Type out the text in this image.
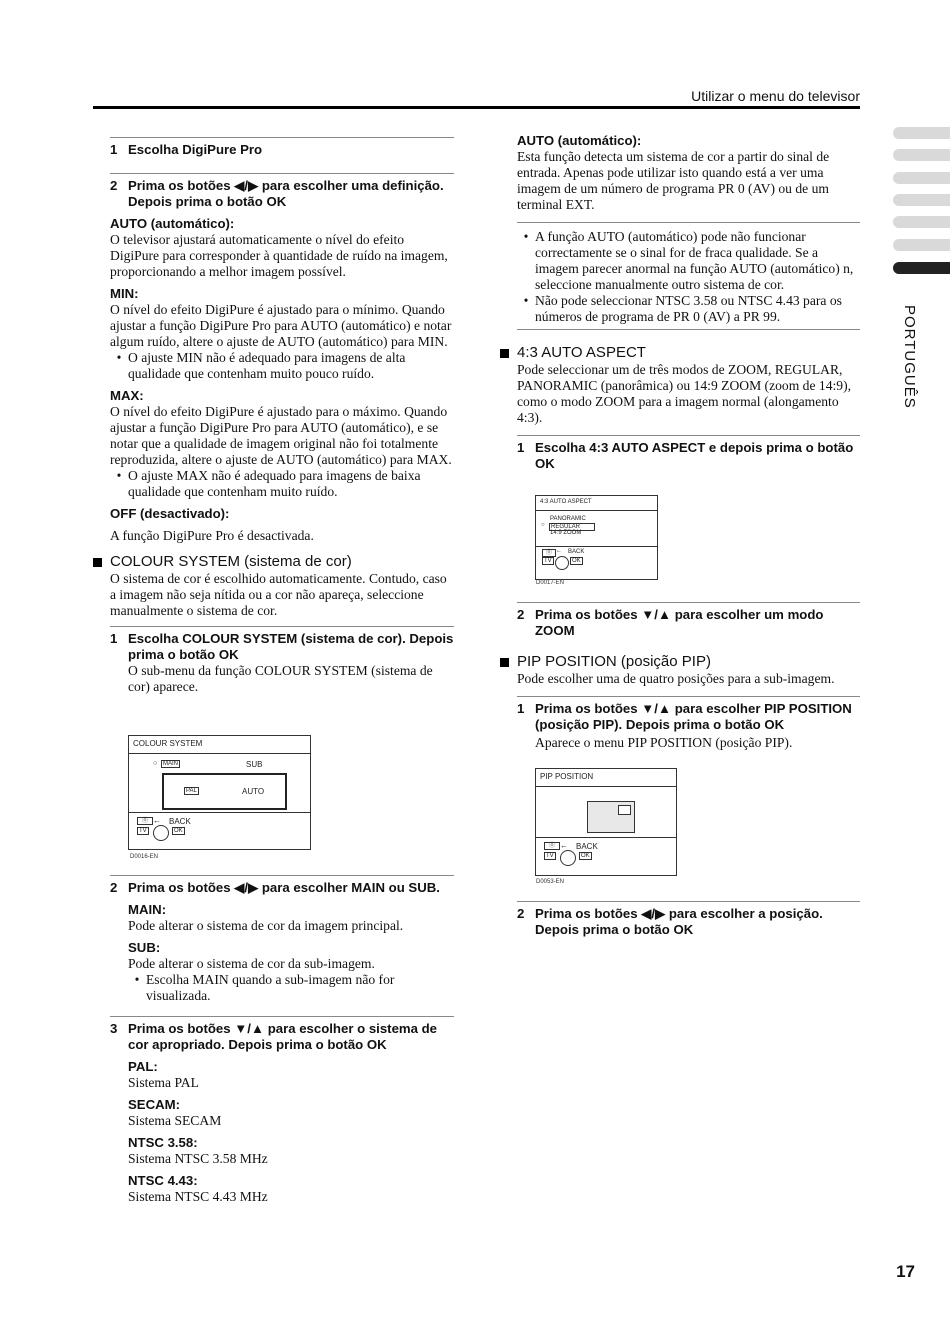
Utilizar o menu do televisor
PORTUGUÊS
1 Escolha DigiPure Pro
2 Prima os botões ◀/▶ para escolher uma definição. Depois prima o botão OK
AUTO (automático):
O televisor ajustará automaticamente o nível do efeito DigiPure para corresponder à quantidade de ruído na imagem, proporcionando a melhor imagem possível.
MIN:
O nível do efeito DigiPure é ajustado para o mínimo. Quando ajustar a função DigiPure Pro para AUTO (automático) e notar algum ruído, altere o ajuste de AUTO (automático) para MIN.
• O ajuste MIN não é adequado para imagens de alta qualidade que contenham muito pouco ruído.
MAX:
O nível do efeito DigiPure é ajustado para o máximo. Quando ajustar a função DigiPure Pro para AUTO (automático), e se notar que a qualidade de imagem original não foi totalmente reproduzida, altere o ajuste de AUTO (automático) para MAX.
• O ajuste MAX não é adequado para imagens de baixa qualidade que contenham muito ruído.
OFF (desactivado):
A função DigiPure Pro é desactivada.
COLOUR SYSTEM (sistema de cor)
O sistema de cor é escolhido automaticamente. Contudo, caso a imagem não seja nítida ou a cor não apareça, seleccione manualmente o sistema de cor.
1 Escolha COLOUR SYSTEM (sistema de cor). Depois prima o botão OK
O sub-menu da função COLOUR SYSTEM (sistema de cor) aparece.
COLOUR SYSTEM
○ MAIN	SUB
PAL	AUTO
⓪ ← BACK
TV	OK
D0016-EN
2 Prima os botões ◀/▶ para escolher MAIN ou SUB.
MAIN:
Pode alterar o sistema de cor da imagem principal.
SUB:
Pode alterar o sistema de cor da sub-imagem.
• Escolha MAIN quando a sub-imagem não for visualizada.
3 Prima os botões ▼/▲ para escolher o sistema de cor apropriado. Depois prima o botão OK
PAL:
Sistema PAL
SECAM:
Sistema SECAM
NTSC 3.58:
Sistema NTSC 3.58 MHz
NTSC 4.43:
Sistema NTSC 4.43 MHz
AUTO (automático):
Esta função detecta um sistema de cor a partir do sinal de entrada. Apenas pode utilizar isto quando está a ver uma imagem de um número de programa PR 0 (AV) ou de um terminal EXT.
• A função AUTO (automático) pode não funcionar correctamente se o sinal for de fraca qualidade. Se a imagem parecer anormal na função AUTO (automático) n, seleccione manualmente outro sistema de cor.
• Não pode seleccionar NTSC 3.58 ou NTSC 4.43 para os números de programa de PR 0 (AV) a PR 99.
4:3 AUTO ASPECT
Pode seleccionar um de três modos de ZOOM, REGULAR, PANORAMIC (panorâmica) ou 14:9 ZOOM (zoom de 14:9), como o modo ZOOM para a imagem normal (alongamento 4:3).
1 Escolha 4:3 AUTO ASPECT e depois prima o botão OK
4:3 AUTO ASPECT
PANORAMIC
○	REGULAR
14:9 ZOOM
⓪ ← BACK
TV	OK
D0017-EN
2 Prima os botões ▼/▲ para escolher um modo ZOOM
PIP POSITION (posição PIP)
Pode escolher uma de quatro posições para a sub-imagem.
1 Prima os botões ▼/▲ para escolher PIP POSITION (posição PIP). Depois prima o botão OK
Aparece o menu PIP POSITION (posição PIP).
PIP POSITION
⓪ ← BACK
TV	OK
D0053-EN
2 Prima os botões ◀/▶ para escolher a posição. Depois prima o botão OK
17
